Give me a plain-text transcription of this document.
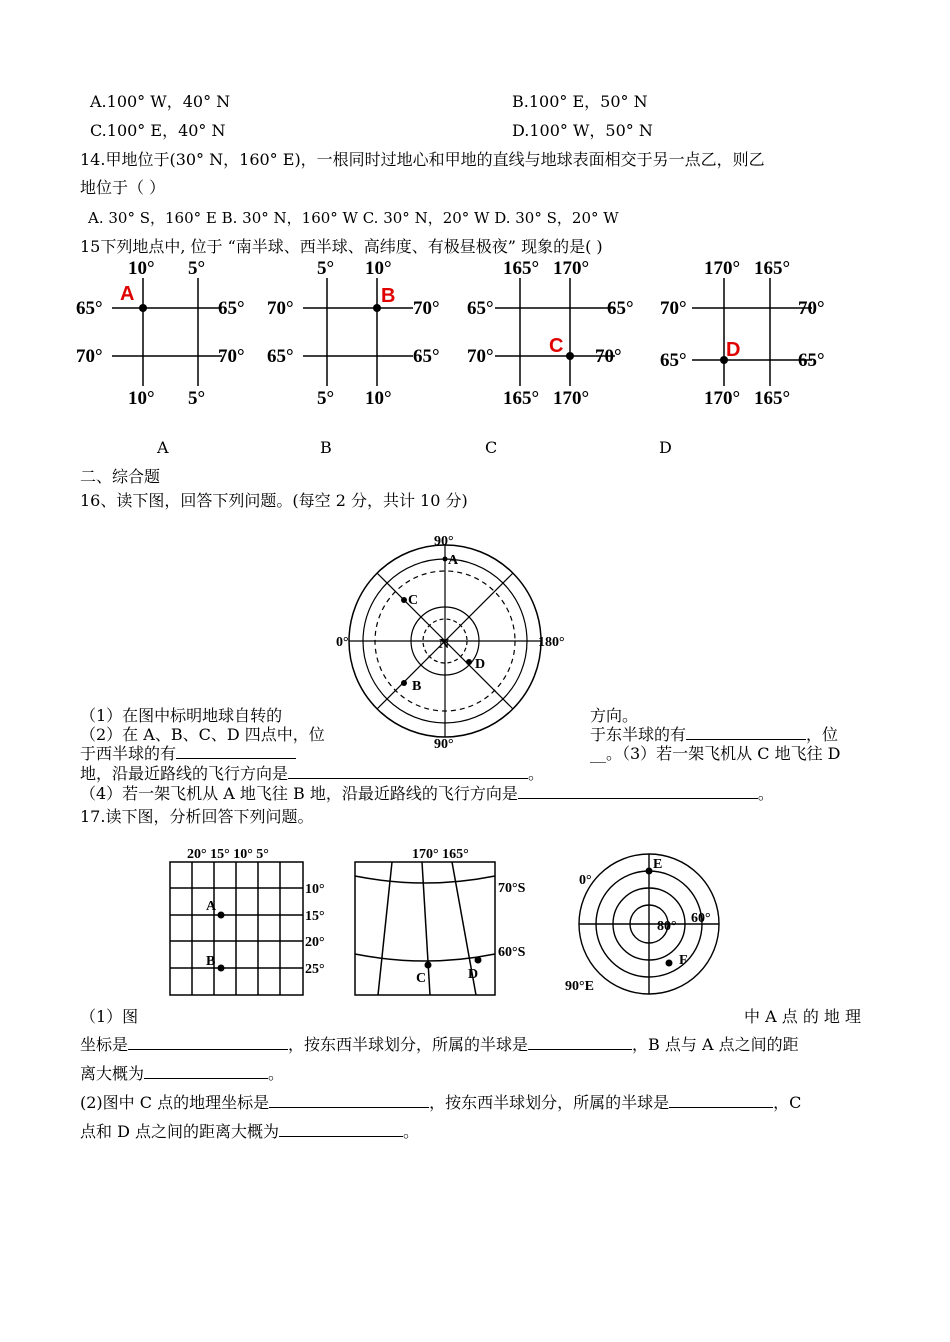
A.100° W，40° N	B.100° E，50° N
C.100° E，40° N	D.100° W，50° N
14.甲地位于(30° N，160° E)，一根同时过地心和甲地的直线与地球表面相交于另一点乙，则乙
地位于（ ）
A. 30° S，160° E B. 30° N，160° W C. 30° N，20° W D. 30° S，20° W
15下列地点中, 位于 “南半球、西半球、高纬度、有极昼极夜” 现象的是( )
10° 5°
10° 5°
65°
70°
65°
70°
A
5° 10°
5° 10°
70°
65°
70°
65°
B
165° 170°
165° 170°
65°
70°
65°
70°
C
170° 165°
170° 165°
70°
65°
70°
65°
D
A	B	C	D
二、综合题
16、读下图，回答下列问题。(每空 2 分，共计 10 分)
90°
90°
0°	180°
N
A
C
D
B
（1）在图中标明地球自转的	方向。
（2）在 A、B、C、D 四点中，位	于东半球的有	，位
于西半球的有	__。（3）若一架飞机从 C 地飞往 D
地，沿最近路线的飞行方向是	。
（4）若一架飞机从 A 地飞往 B 地，沿最近路线的飞行方向是	。
17.读下图，分析回答下列问题。
20° 15° 10° 5°
A
B
10°
15°
20°
25°
170° 165°
C	D
70°S
60°S
E
F
0°
90°E
80°
60°
（1）图	中 A 点 的 地 理
坐标是	，按东西半球划分，所属的半球是	，B 点与 A 点之间的距
离大概为	。
(2)图中 C 点的地理坐标是	，按东西半球划分，所属的半球是	，C
点和 D 点之间的距离大概为	。
